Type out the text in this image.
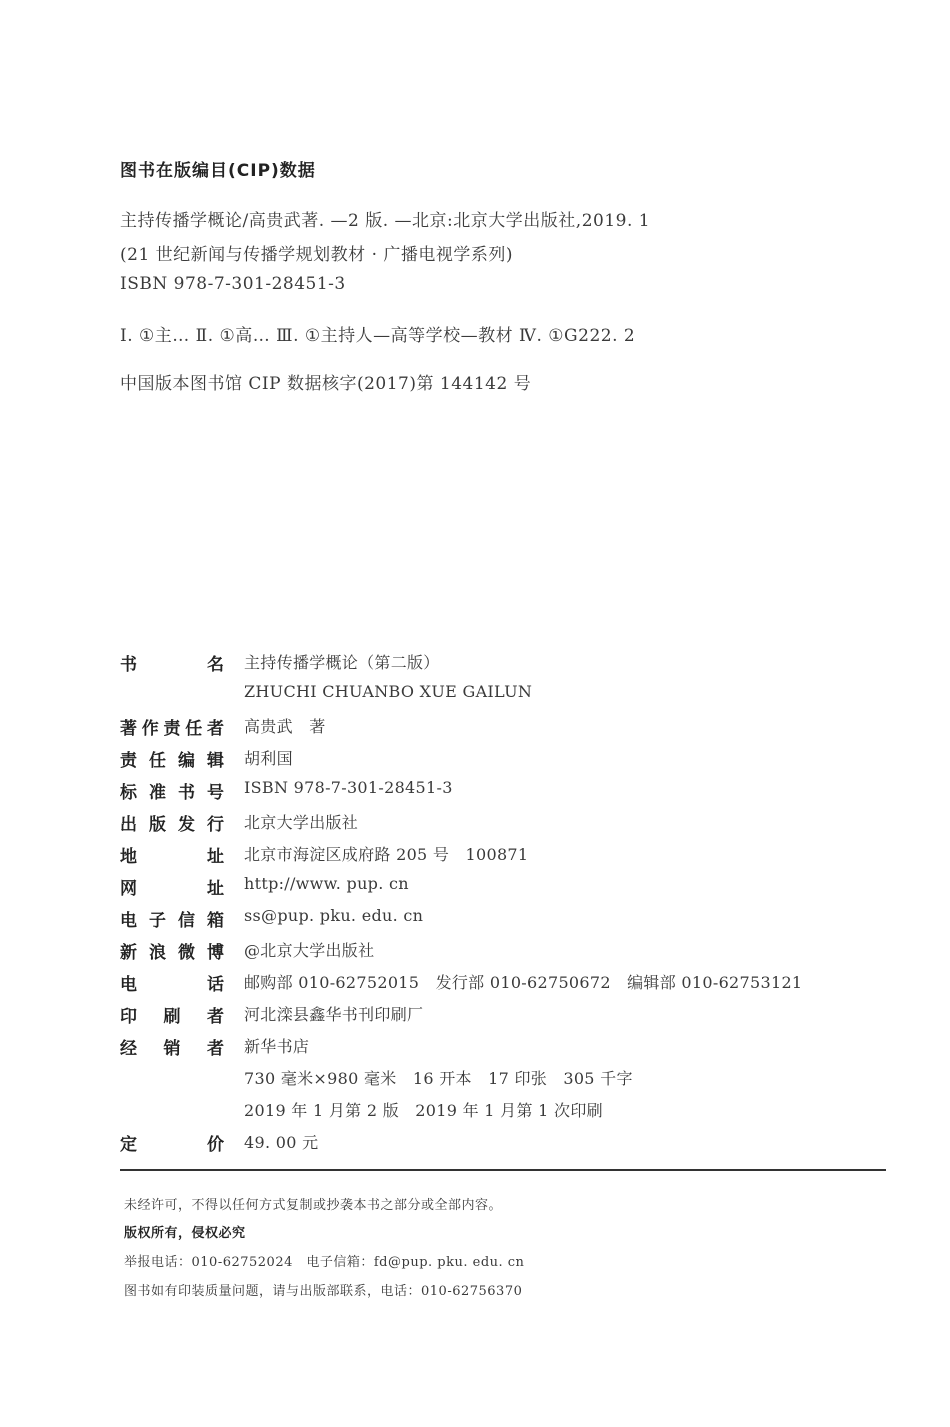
图书在版编目(CIP)数据
主持传播学概论/高贵武著. —2 版. —北京:北京大学出版社,2019. 1
(21 世纪新闻与传播学规划教材 · 广播电视学系列)
ISBN 978-7-301-28451-3
I. ①主… Ⅱ. ①高… Ⅲ. ①主持人—高等学校—教材 Ⅳ. ①G222. 2
中国版本图书馆 CIP 数据核字(2017)第 144142 号
书	名 主持传播学概论（第二版）
ZHUCHI CHUANBO XUE GAILUN
著 作 责 任 者 高贵武　著
责 任 编 辑 胡利国
标 准 书 号 ISBN 978-7-301-28451-3
出 版 发 行 北京大学出版社
地	址 北京市海淀区成府路 205 号　100871
网	址 http://www. pup. cn
电 子 信 箱 ss@pup. pku. edu. cn
新 浪 微 博 @北京大学出版社
电	话 邮购部 010-62752015　发行部 010-62750672　编辑部 010-62753121
印 刷 者 河北滦县鑫华书刊印刷厂
经 销 者 新华书店
730 毫米×980 毫米　16 开本　17 印张　305 千字
2019 年 1 月第 2 版　2019 年 1 月第 1 次印刷
定	价 49. 00 元
未经许可，不得以任何方式复制或抄袭本书之部分或全部内容。
版权所有，侵权必究
举报电话：010-62752024　电子信箱：fd@pup. pku. edu. cn
图书如有印装质量问题，请与出版部联系，电话：010-62756370
